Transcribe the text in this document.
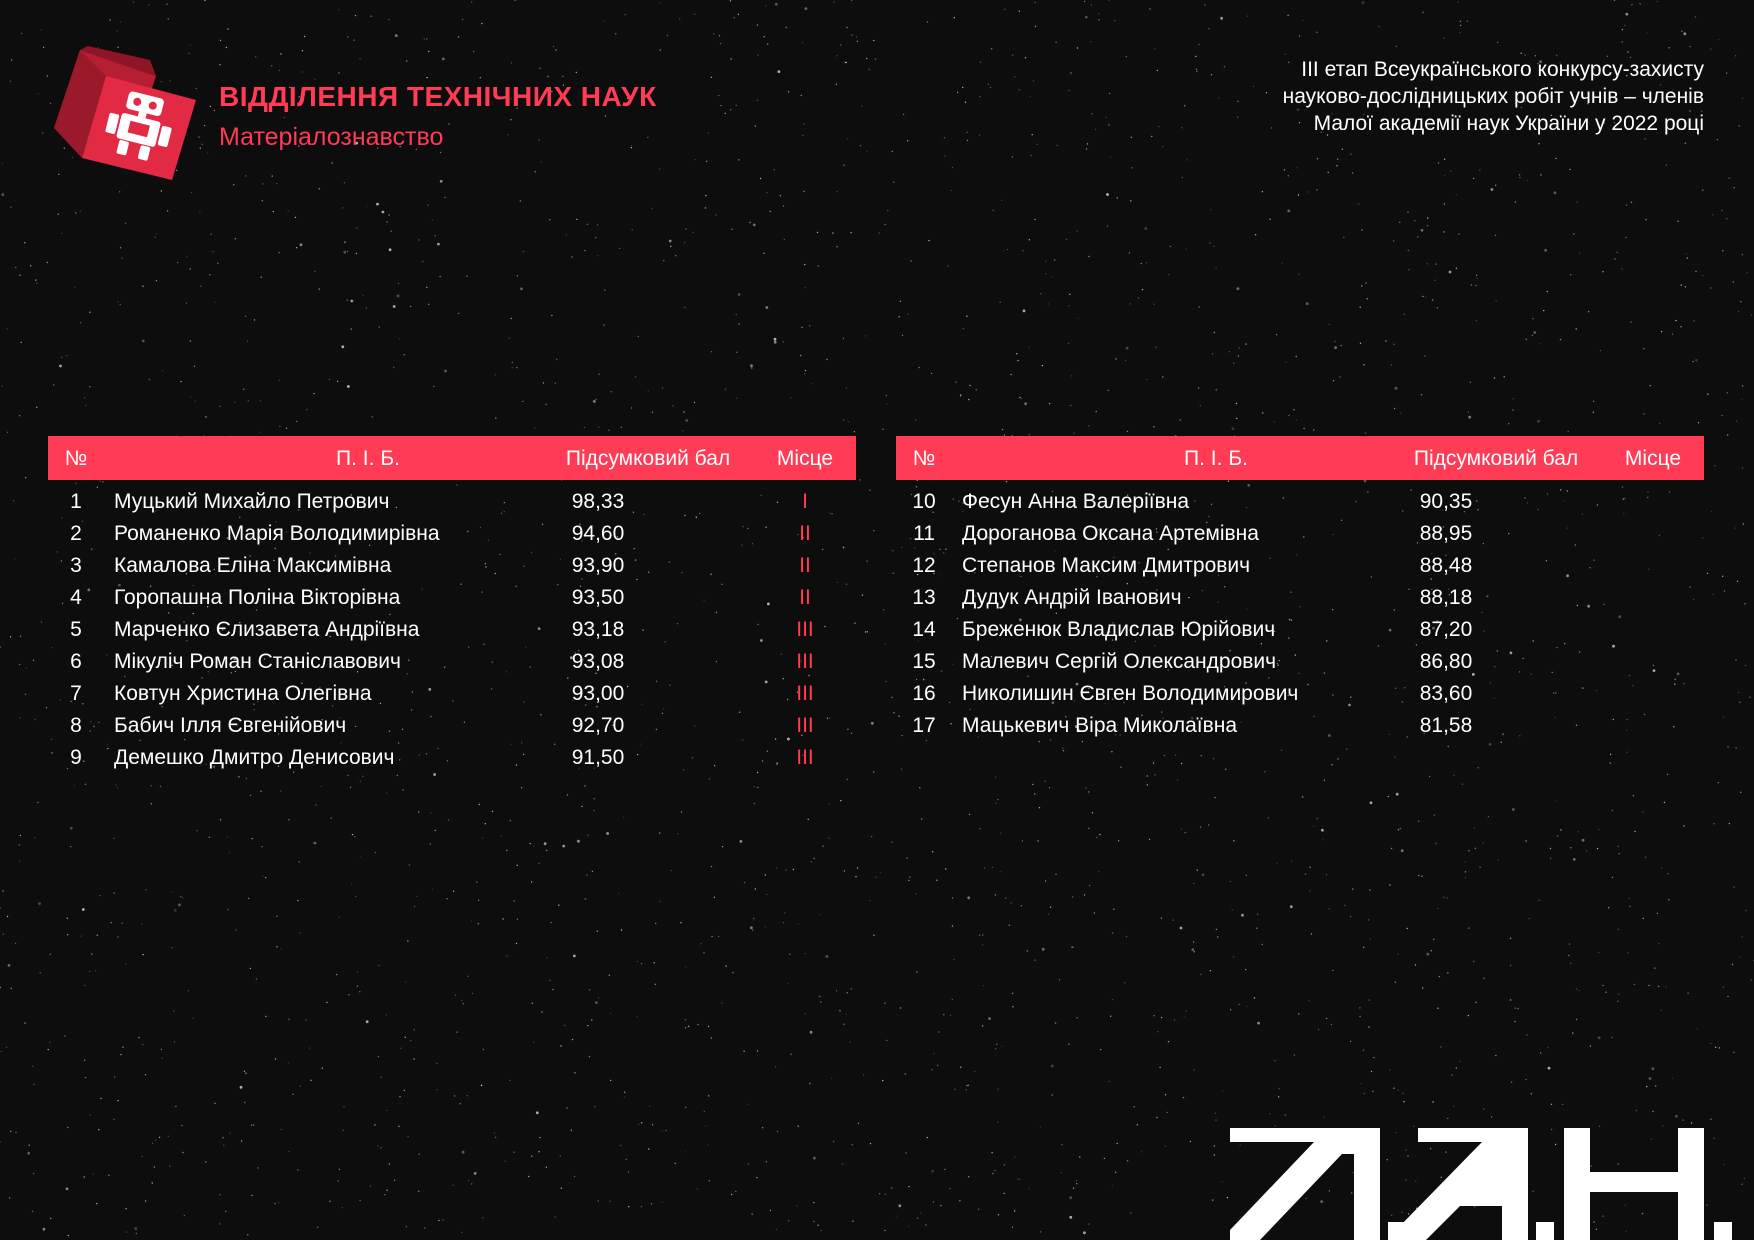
ВІДДІЛЕННЯ ТЕХНІЧНИХ НАУК
Матеріалознавство
ІІІ етап Всеукраїнського конкурсу-захисту
науково-дослідницьких робіт учнів – членів
Малої академії наук України у 2022 році
№	П. І. Б.	Підсумковий бал	Місце
1	Муцький Михайло Петрович	98,33	І
2	Романенко Марія Володимирівна	94,60	ІІ
3	Камалова Еліна Максимівна	93,90	ІІ
4	Горопашна Поліна Вікторівна	93,50	ІІ
5	Марченко Єлизавета Андріївна	93,18	ІІІ
6	Мікуліч Роман Станіславович	93,08	ІІІ
7	Ковтун Христина Олегівна	93,00	ІІІ
8	Бабич Ілля Євгенійович	92,70	ІІІ
9	Демешко Дмитро Денисович	91,50	ІІІ
№	П. І. Б.	Підсумковий бал	Місце
10	Фесун Анна Валеріївна	90,35
11	Дороганова Оксана Артемівна	88,95
12	Степанов Максим Дмитрович	88,48
13	Дудук Андрій Іванович	88,18
14	Бреженюк Владислав Юрійович	87,20
15	Малевич Сергій Олександрович	86,80
16	Николишин Євген Володимирович	83,60
17	Мацькевич Віра Миколаївна	81,58
